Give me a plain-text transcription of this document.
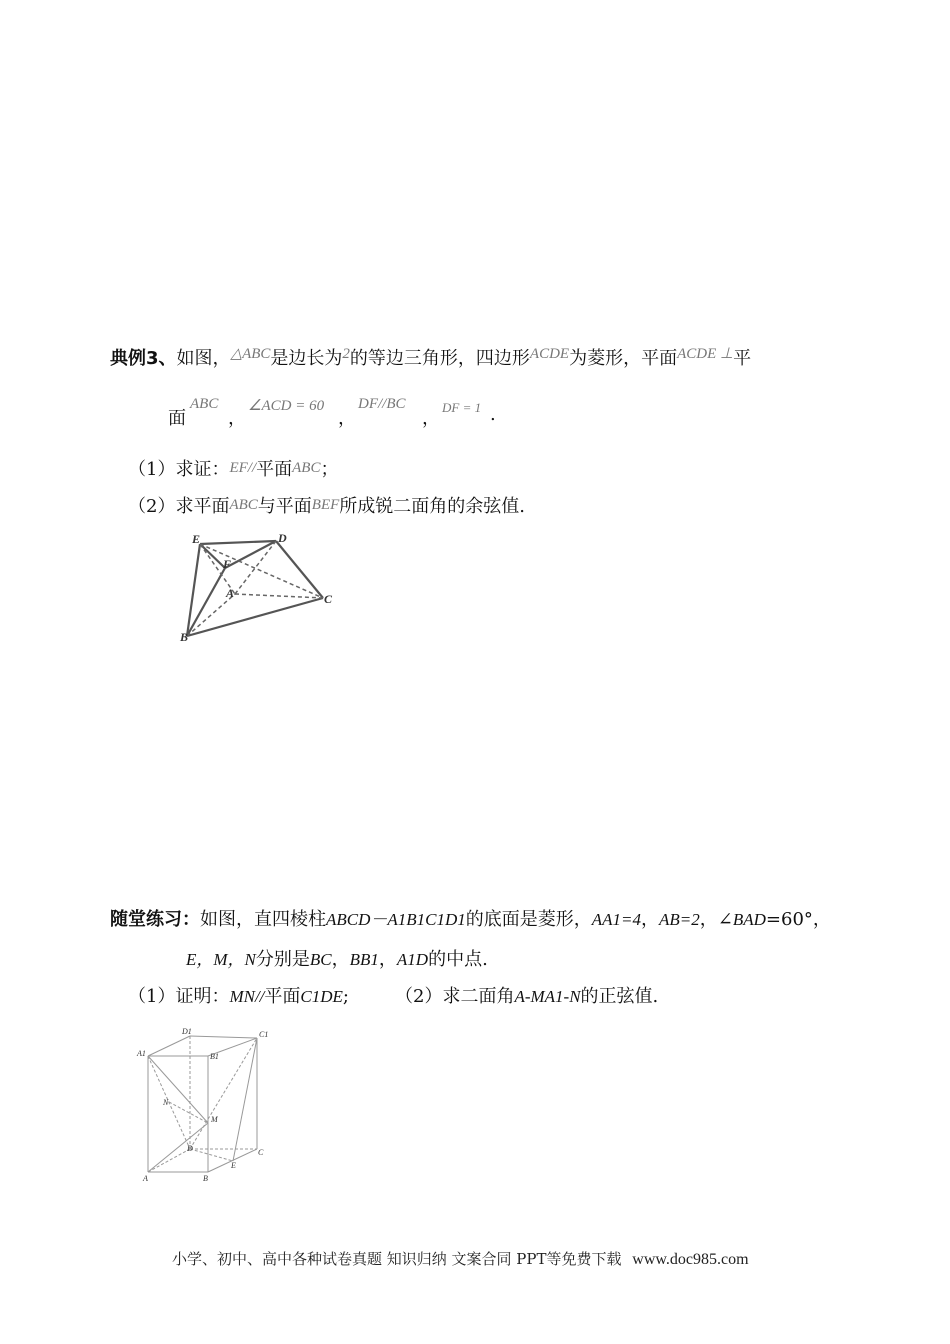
典例3、如图，$^{\triangle ABC}$是边长为$^2$的等边三角形，四边形$^{ACDE}$为菱形，平面$^{ACDE \perp}$平
面
ABC
，
∠ACD = 60
，
DF//BC
，
DF = 1 .
（1）求证：EF//平面ABC；
（2）求平面ABC与平面BEF所成锐二面角的余弦值.
E	D
F
A	C
B
随堂练习：如图，直四棱柱ABCD－A1B1C1D1的底面是菱形，AA1=4，AB=2，∠BAD=60°，
E，M，N分别是BC，BB1，A1D的中点.
（1）证明：MN//平面C1DE;	（2）求二面角A-MA1-N的正弦值.
D1	C1
A1	B1
N
M
D	C
E
A	B
小学、初中、高中各种试卷真题 知识归纳 文案合同 PPT等免费下载 www.doc985.com
